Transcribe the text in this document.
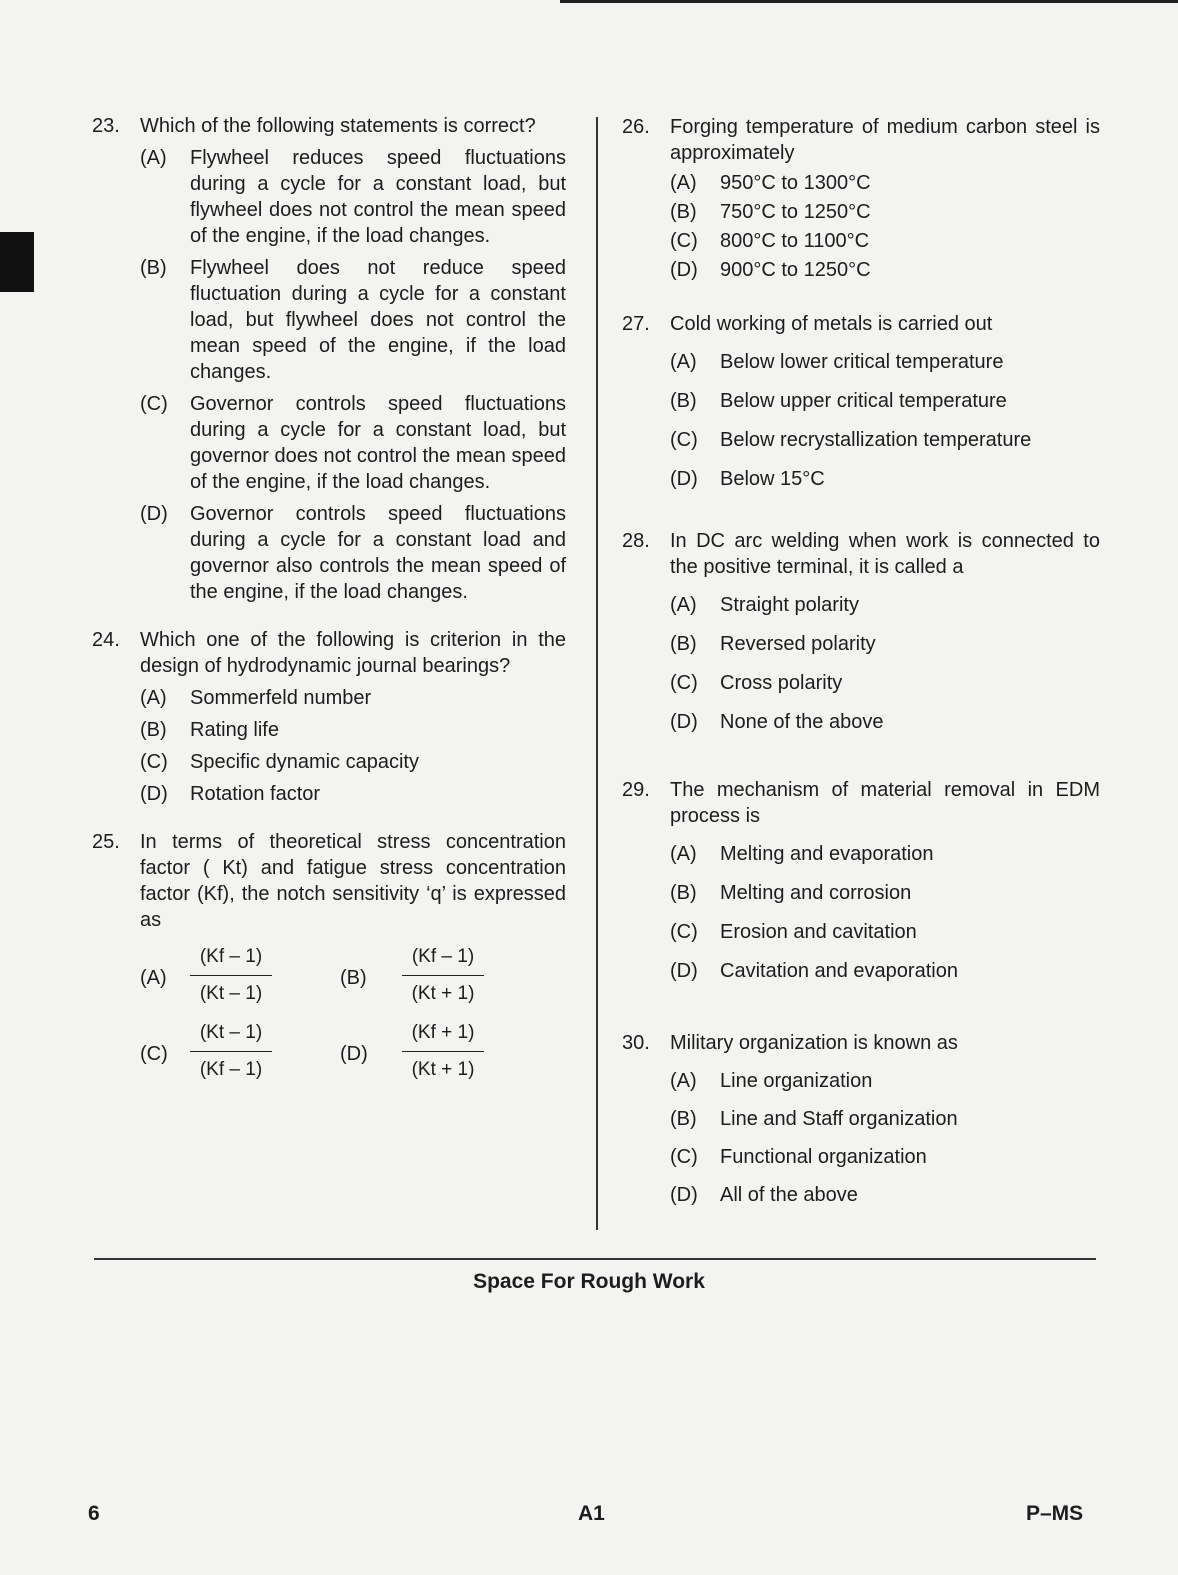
23. Which of the following statements is correct?
(A) Flywheel reduces speed fluctuations during a cycle for a constant load, but flywheel does not control the mean speed of the engine, if the load changes.
(B) Flywheel does not reduce speed fluctuation during a cycle for a constant load, but flywheel does not control the mean speed of the engine, if the load changes.
(C) Governor controls speed fluctuations during a cycle for a constant load, but governor does not control the mean speed of the engine, if the load changes.
(D) Governor controls speed fluctuations during a cycle for a constant load and governor also controls the mean speed of the engine, if the load changes.
24. Which one of the following is criterion in the design of hydrodynamic journal bearings?
(A) Sommerfeld number
(B) Rating life
(C) Specific dynamic capacity
(D) Rotation factor
25. In terms of theoretical stress concentration factor ( Kt) and fatigue stress concentration factor (Kf), the notch sensitivity ‘q’ is expressed as
$(A) \frac{(Kf - 1)}{(Kt - 1)}$	$(B) \frac{(Kf - 1)}{(Kt + 1)}$
$(C) \frac{(Kt - 1)}{(Kf - 1)}$	$(D) \frac{(Kf + 1)}{(Kt + 1)}$
26. Forging temperature of medium carbon steel is approximately
(A) 950°C to 1300°C
(B) 750°C to 1250°C
(C) 800°C to 1100°C
(D) 900°C to 1250°C
27. Cold working of metals is carried out
(A) Below lower critical temperature
(B) Below upper critical temperature
(C) Below recrystallization temperature
(D) Below 15°C
28. In DC arc welding when work is connected to the positive terminal, it is called a
(A) Straight polarity
(B) Reversed polarity
(C) Cross polarity
(D) None of the above
29. The mechanism of material removal in EDM process is
(A) Melting and evaporation
(B) Melting and corrosion
(C) Erosion and cavitation
(D) Cavitation and evaporation
30. Military organization is known as
(A) Line organization
(B) Line and Staff organization
(C) Functional organization
(D) All of the above
Space For Rough Work
6	A1	P–MS
